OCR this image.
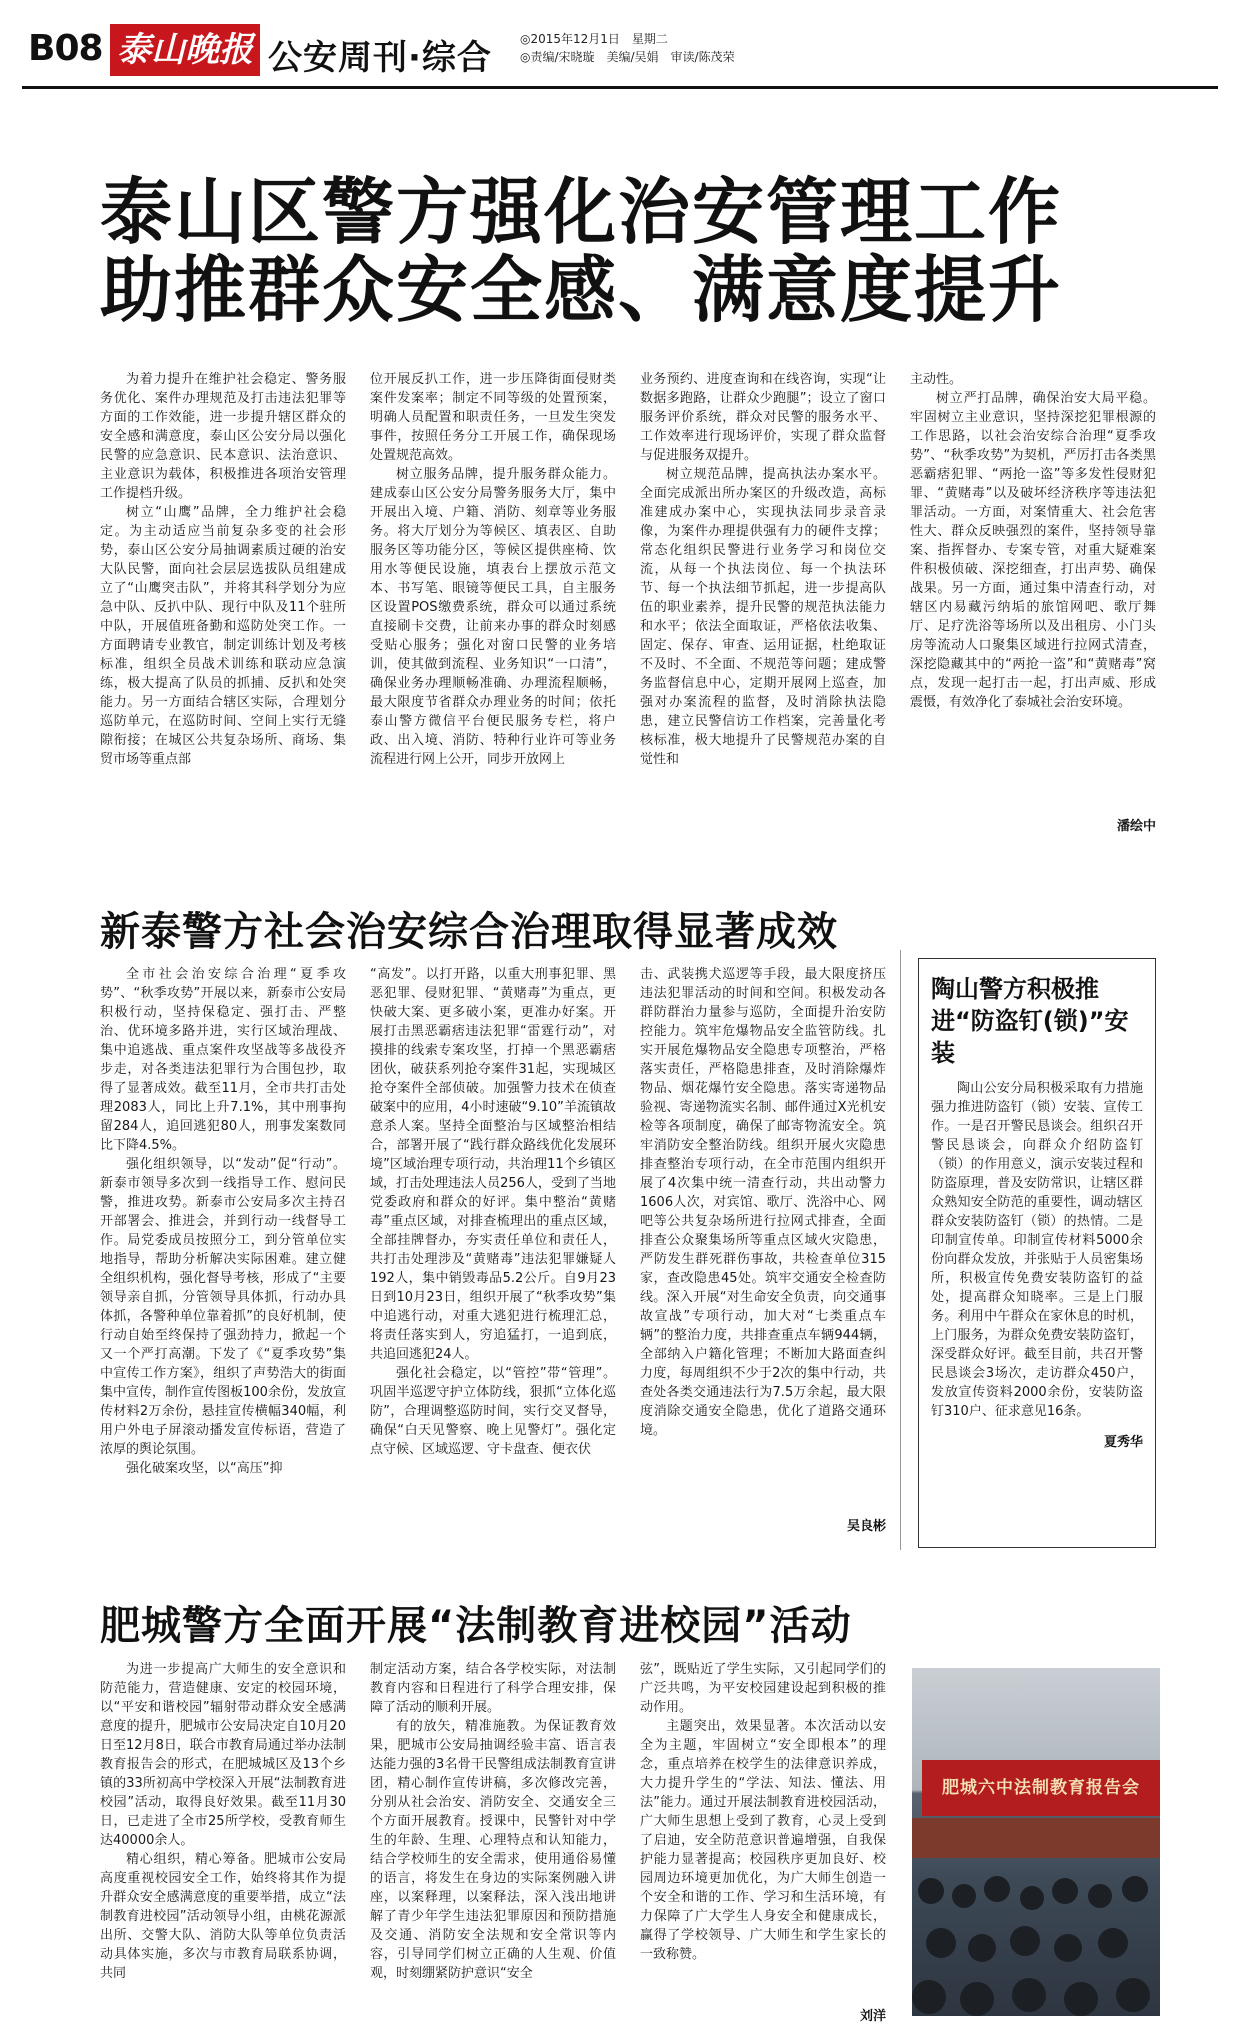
B08 泰山晚报 公安周刊·综合 ◎2015年12月1日　星期二
◎责编/宋晓璇　美编/吴娟　审读/陈茂荣
泰山区警方强化治安管理工作
助推群众安全感、满意度提升

为着力提升在维护社会稳定、警务服务优化、案件办理规范及打击违法犯罪等方面的工作效能，进一步提升辖区群众的安全感和满意度，泰山区公安分局以强化民警的应急意识、民本意识、法治意识、主业意识为载体，积极推进各项治安管理工作提档升级。

树立“山鹰”品牌，全力维护社会稳定。为主动适应当前复杂多变的社会形势，泰山区公安分局抽调素质过硬的治安大队民警，面向社会层层选拔队员组建成立了“山鹰突击队”，并将其科学划分为应急中队、反扒中队、现行中队及11个驻所中队，开展值班备勤和巡防处突工作。一方面聘请专业教官，制定训练计划及考核标准，组织全员战术训练和联动应急演练，极大提高了队员的抓捕、反扒和处突能力。另一方面结合辖区实际，合理划分巡防单元，在巡防时间、空间上实行无缝隙衔接；在城区公共复杂场所、商场、集贸市场等重点部

位开展反扒工作，进一步压降街面侵财类案件发案率；制定不同等级的处置预案，明确人员配置和职责任务，一旦发生突发事件，按照任务分工开展工作，确保现场处置规范高效。

树立服务品牌，提升服务群众能力。建成泰山区公安分局警务服务大厅，集中开展出入境、户籍、消防、刻章等业务服务。将大厅划分为等候区、填表区、自助服务区等功能分区，等候区提供座椅、饮用水等便民设施，填表台上摆放示范文本、书写笔、眼镜等便民工具，自主服务区设置POS缴费系统，群众可以通过系统直接刷卡交费，让前来办事的群众时刻感受贴心服务；强化对窗口民警的业务培训，使其做到流程、业务知识“一口清”，确保业务办理顺畅准确、办理流程顺畅，最大限度节省群众办理业务的时间；依托泰山警方微信平台便民服务专栏，将户政、出入境、消防、特种行业许可等业务流程进行网上公开，同步开放网上

业务预约、进度查询和在线咨询，实现“让数据多跑路，让群众少跑腿”；设立了窗口服务评价系统，群众对民警的服务水平、工作效率进行现场评价，实现了群众监督与促进服务双提升。

树立规范品牌，提高执法办案水平。全面完成派出所办案区的升级改造，高标准建成办案中心，实现执法同步录音录像，为案件办理提供强有力的硬件支撑；常态化组织民警进行业务学习和岗位交流，从每一个执法岗位、每一个执法环节、每一个执法细节抓起，进一步提高队伍的职业素养，提升民警的规范执法能力和水平；依法全面取证，严格依法收集、固定、保存、审查、运用证据，杜绝取证不及时、不全面、不规范等问题；建成警务监督信息中心，定期开展网上巡查，加强对办案流程的监督，及时消除执法隐患，建立民警信访工作档案，完善量化考核标准，极大地提升了民警规范办案的自觉性和

主动性。

树立严打品牌，确保治安大局平稳。牢固树立主业意识，坚持深挖犯罪根源的工作思路，以社会治安综合治理“夏季攻势”、“秋季攻势”为契机，严厉打击各类黑恶霸痞犯罪、“两抢一盗”等多发性侵财犯罪、“黄赌毒”以及破坏经济秩序等违法犯罪活动。一方面，对案情重大、社会危害性大、群众反映强烈的案件，坚持领导靠案、指挥督办、专案专管，对重大疑难案件积极侦破、深挖细查，打出声势、确保战果。另一方面，通过集中清查行动，对辖区内易藏污纳垢的旅馆网吧、歌厅舞厅、足疗洗浴等场所以及出租房、小门头房等流动人口聚集区域进行拉网式清查，深挖隐藏其中的“两抢一盗”和“黄赌毒”窝点，发现一起打击一起，打出声威、形成震慑，有效净化了泰城社会治安环境。

潘绘中
新泰警方社会治安综合治理取得显著成效

全市社会治安综合治理“夏季攻势”、“秋季攻势”开展以来，新泰市公安局积极行动，坚持保稳定、强打击、严整治、优环境多路并进，实行区域治理战、集中追逃战、重点案件攻坚战等多战役齐步走，对各类违法犯罪行为合围包抄，取得了显著成效。截至11月，全市共打击处理2083人，同比上升7.1%，其中刑事拘留284人，追回逃犯80人，刑事发案数同比下降4.5%。

强化组织领导，以“发动”促“行动”。新泰市领导多次到一线指导工作、慰问民警，推进攻势。新泰市公安局多次主持召开部署会、推进会，并到行动一线督导工作。局党委成员按照分工，到分管单位实地指导，帮助分析解决实际困难。建立健全组织机构，强化督导考核，形成了“主要领导亲自抓，分管领导具体抓，行动办具体抓，各警种单位靠着抓”的良好机制，使行动自始至终保持了强劲持力，掀起一个又一个严打高潮。下发了《“夏季攻势”集中宣传工作方案》，组织了声势浩大的街面集中宣传，制作宣传图板100余份，发放宣传材料2万余份，悬挂宣传横幅340幅，利用户外电子屏滚动播发宣传标语，营造了浓厚的舆论氛围。

强化破案攻坚，以“高压”抑

“高发”。以打开路，以重大刑事犯罪、黑恶犯罪、侵财犯罪、“黄赌毒”为重点，更快破大案、更多破小案，更准办好案。开展打击黑恶霸痞违法犯罪“雷霆行动”，对摸排的线索专案攻坚，打掉一个黑恶霸痞团伙，破获系列抢夺案件31起，实现城区抢夺案件全部侦破。加强警力技术在侦查破案中的应用，4小时速破“9.10”羊流镇故意杀人案。坚持全面整治与区域整治相结合，部署开展了“践行群众路线优化发展环境”区域治理专项行动，共治理11个乡镇区域，打击处理违法人员256人，受到了当地党委政府和群众的好评。集中整治“黄赌毒”重点区域，对排查梳理出的重点区域，全部挂牌督办，夯实责任单位和责任人，共打击处理涉及“黄赌毒”违法犯罪嫌疑人192人，集中销毁毒品5.2公斤。自9月23日到10月23日，组织开展了“秋季攻势”集中追逃行动，对重大逃犯进行梳理汇总，将责任落实到人，穷追猛打，一追到底，共追回逃犯24人。

强化社会稳定，以“管控”带“管理”。巩固半巡逻守护立体防线，狠抓“立体化巡防”，合理调整巡防时间，实行交叉督导，确保“白天见警察、晚上见警灯”。强化定点守候、区域巡逻、守卡盘查、便衣伏

击、武装携犬巡逻等手段，最大限度挤压违法犯罪活动的时间和空间。积极发动各群防群治力量参与巡防，全面提升治安防控能力。筑牢危爆物品安全监管防线。扎实开展危爆物品安全隐患专项整治，严格落实责任，严格隐患排查，及时消除爆炸物品、烟花爆竹安全隐患。落实寄递物品验视、寄递物流实名制、邮件通过X光机安检等各项制度，确保了邮寄物流安全。筑牢消防安全整治防线。组织开展火灾隐患排查整治专项行动，在全市范围内组织开展了4次集中统一清查行动，共出动警力1606人次，对宾馆、歌厅、洗浴中心、网吧等公共复杂场所进行拉网式排查，全面排查公众聚集场所等重点区域火灾隐患，严防发生群死群伤事故，共检查单位315家，查改隐患45处。筑牢交通安全检查防线。深入开展“对生命安全负责，向交通事故宣战”专项行动，加大对“七类重点车辆”的整治力度，共排查重点车辆944辆，全部纳入户籍化管理；不断加大路面查纠力度，每周组织不少于2次的集中行动，共查处各类交通违法行为7.5万余起，最大限度消除交通安全隐患，优化了道路交通环境。

吴良彬
陶山警方积极推进“防盗钉(锁)”安装

陶山公安分局积极采取有力措施强力推进防盗钉（锁）安装、宣传工作。一是召开警民恳谈会。组织召开警民恳谈会，向群众介绍防盗钉（锁）的作用意义，演示安装过程和防盗原理，普及安防常识，让辖区群众熟知安全防范的重要性，调动辖区群众安装防盗钉（锁）的热情。二是印制宣传单。印制宣传材料5000余份向群众发放，并张贴于人员密集场所，积极宣传免费安装防盗钉的益处，提高群众知晓率。三是上门服务。利用中午群众在家休息的时机，上门服务，为群众免费安装防盗钉，深受群众好评。截至目前，共召开警民恳谈会3场次，走访群众450户，发放宣传资料2000余份，安装防盗钉310户、征求意见16条。

夏秀华
肥城警方全面开展“法制教育进校园”活动

为进一步提高广大师生的安全意识和防范能力，营造健康、安定的校园环境，以“平安和谐校园”辐射带动群众安全感满意度的提升，肥城市公安局决定自10月20日至12月8日，联合市教育局通过举办法制教育报告会的形式，在肥城城区及13个乡镇的33所初高中学校深入开展“法制教育进校园”活动，取得良好效果。截至11月30日，已走进了全市25所学校，受教育师生达40000余人。

精心组织，精心筹备。肥城市公安局高度重视校园安全工作，始终将其作为提升群众安全感满意度的重要举措，成立“法制教育进校园”活动领导小组，由桃花源派出所、交警大队、消防大队等单位负责活动具体实施，多次与市教育局联系协调，共同

制定活动方案，结合各学校实际，对法制教育内容和日程进行了科学合理安排，保障了活动的顺利开展。

有的放矢，精准施教。为保证教育效果，肥城市公安局抽调经验丰富、语言表达能力强的3名骨干民警组成法制教育宣讲团，精心制作宣传讲稿，多次修改完善，分别从社会治安、消防安全、交通安全三个方面开展教育。授课中，民警针对中学生的年龄、生理、心理特点和认知能力，结合学校师生的安全需求，使用通俗易懂的语言，将发生在身边的实际案例融入讲座，以案释理，以案释法，深入浅出地讲解了青少年学生违法犯罪原因和预防措施及交通、消防安全法规和安全常识等内容，引导同学们树立正确的人生观、价值观，时刻绷紧防护意识“安全

弦”，既贴近了学生实际，又引起同学们的广泛共鸣，为平安校园建设起到积极的推动作用。

主题突出，效果显著。本次活动以安全为主题，牢固树立“安全即根本”的理念，重点培养在校学生的法律意识养成，大力提升学生的“学法、知法、懂法、用法”能力。通过开展法制教育进校园活动，广大师生思想上受到了教育，心灵上受到了启迪，安全防范意识普遍增强，自我保护能力显著提高；校园秩序更加良好、校园周边环境更加优化，为广大师生创造一个安全和谐的工作、学习和生活环境，有力保障了广大学生人身安全和健康成长，赢得了学校领导、广大师生和学生家长的一致称赞。

刘洋
肥城六中法制教育报告会
